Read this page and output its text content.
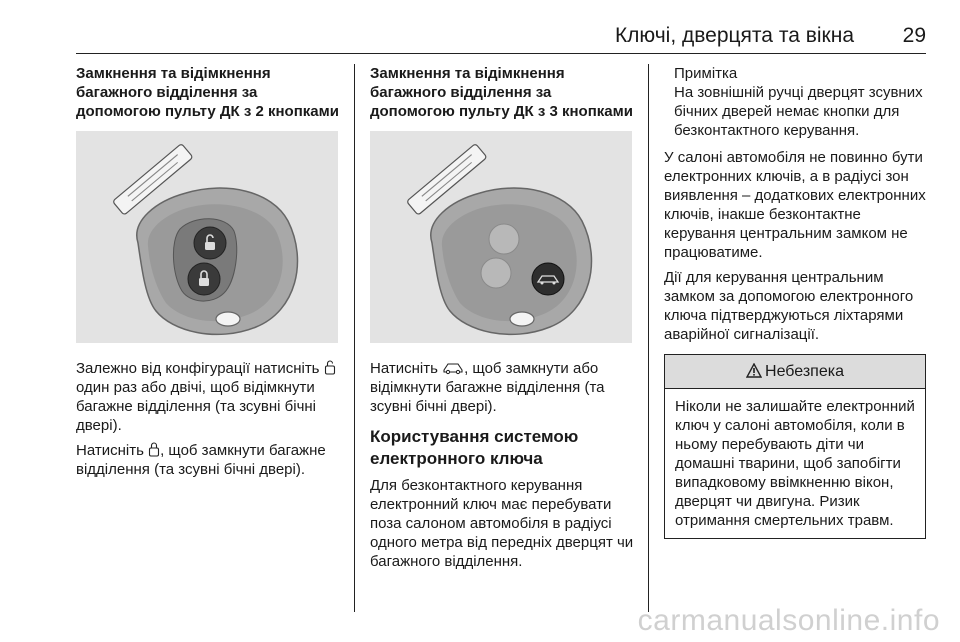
Ключі, дверцята та вікна 29
Замкнення та відімкнення багажного відділення за допомогою пульту ДК з 2 кнопками

Залежно від конфігурації натисніть  один раз або двічі, щоб відімкнути багажне відділення (та зсувні бічні двері).

Натисніть , щоб замкнути багажне відділення (та зсувні бічні двері).

Замкнення та відімкнення багажного відділення за допомогою пульту ДК з 3 кнопками

Натисніть , щоб замкнути або відімкнути багажне відділення (та зсувні бічні двері).

Користування системою електронного ключа

Для безконтактного керування електронний ключ має перебувати поза салоном автомобіля в радіусі одного метра від передніх дверцят чи багажного відділення.

Примітка
На зовнішній ручці дверцят зсувних бічних дверей немає кнопки для безконтактного керування.

У салоні автомобіля не повинно бути електронних ключів, а в радіусі зон виявлення – додаткових електронних ключів, інакше безконтактне керування центральним замком не працюватиме.

Дії для керування центральним замком за допомогою електронного ключа підтверджуються ліхтарями аварійної сигналізації.

Небезпека
Ніколи не залишайте електронний ключ у салоні автомобіля, коли в ньому перебувають діти чи домашні тварини, щоб запобігти випадковому ввімкненню вікон, дверцят чи двигуна. Ризик отримання смертельних травм.
carmanualsonline.info
